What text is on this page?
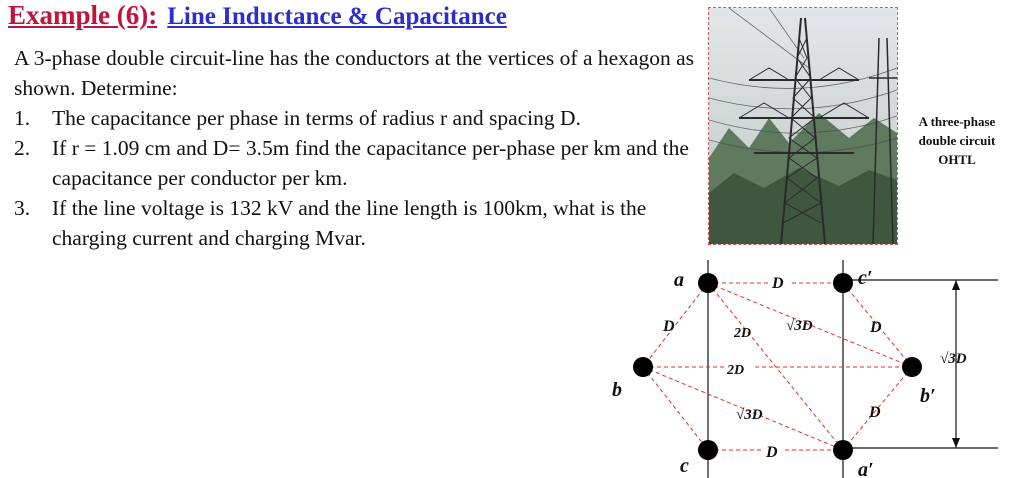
Example (6): Line Inductance & Capacitance

A 3-phase double circuit-line has the conductors at the vertices of a hexagon as shown. Determine:

1. The capacitance per phase in terms of radius r and spacing D.
2. If r = 1.09 cm and D= 3.5m find the capacitance per-phase per km and the capacitance per conductor per km.
3. If the line voltage is 132 kV and the line length is 100km, what is the charging current and charging Mvar.
A three-phase
double circuit
OHTL
a
b
c
c′
b′
a′
D
D
D	D
D
2D
2D
√3D
√3D
√3D
